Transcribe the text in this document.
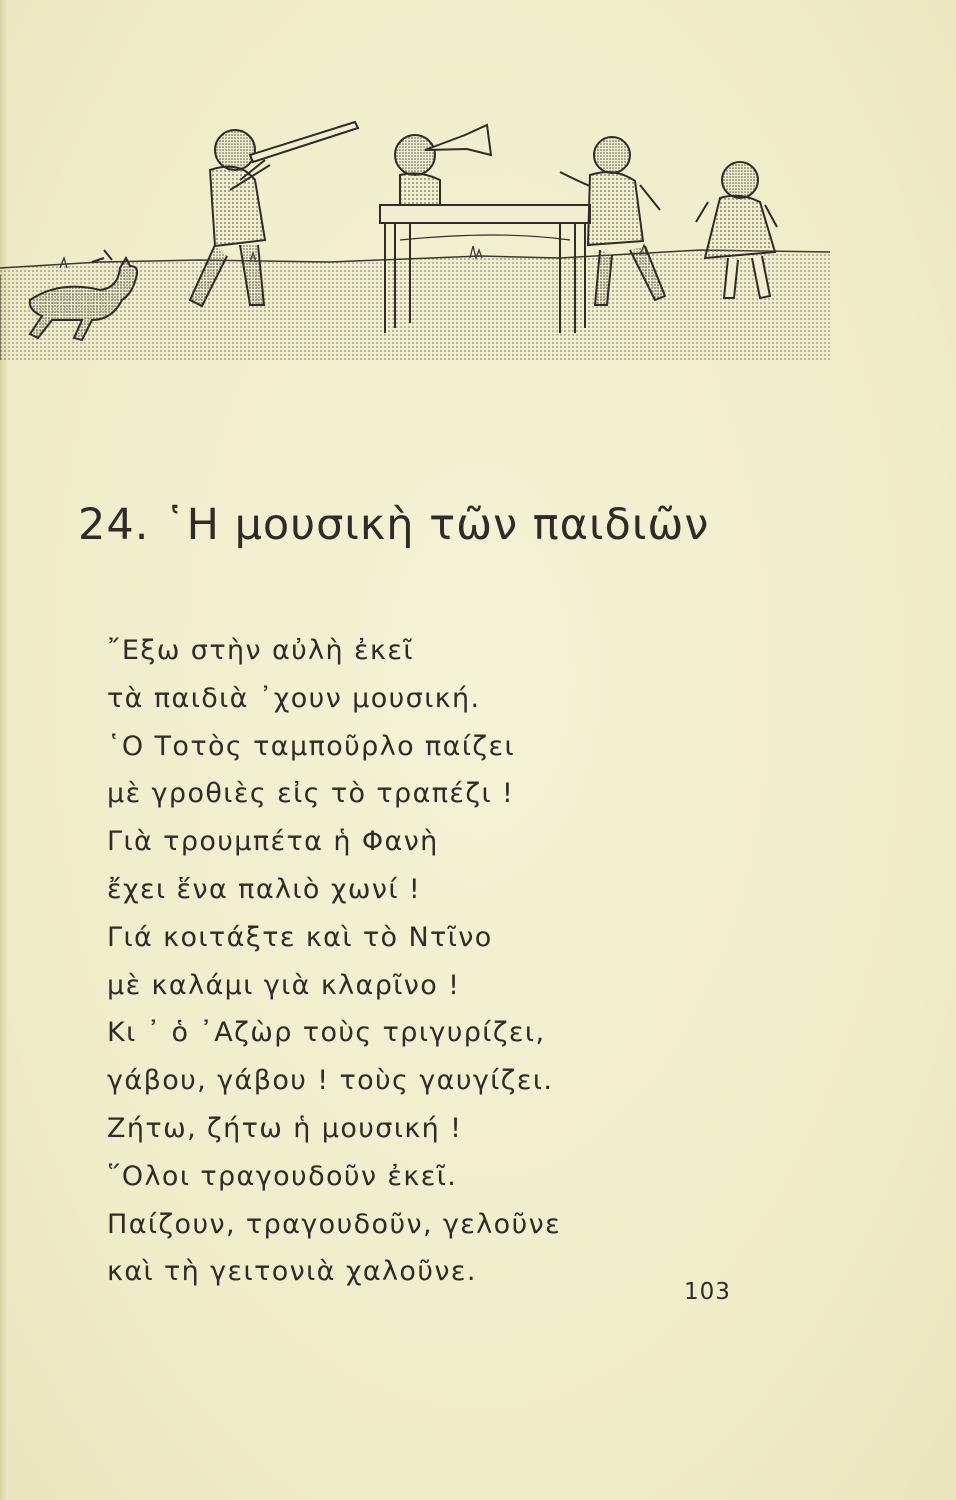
24. ῾Η μουσικὴ τῶν παιδιῶν
῎Εξω στὴν αὐλὴ ἐκεῖ
τὰ παιδιὰ ᾿χουν μουσική.
῾Ο Τοτὸς ταμποῦρλο παίζει
μὲ γροθιὲς εἰς τὸ τραπέζι !
Γιὰ τρουμπέτα ἡ Φανὴ
ἔχει ἕνα παλιὸ χωνί !
Γιά κοιτάξτε καὶ τὸ Ντῖνο
μὲ καλάμι γιὰ κλαρῖνο !
Κι ᾿ ὁ ᾿Αζὼρ τοὺς τριγυρίζει,
γάβου, γάβου ! τοὺς γαυγίζει.
Ζήτω, ζήτω ἡ μουσική !
῞Ολοι τραγουδοῦν ἐκεῖ.
Παίζουν, τραγουδοῦν, γελοῦνε
καὶ τὴ γειτονιὰ χαλοῦνε.
103
